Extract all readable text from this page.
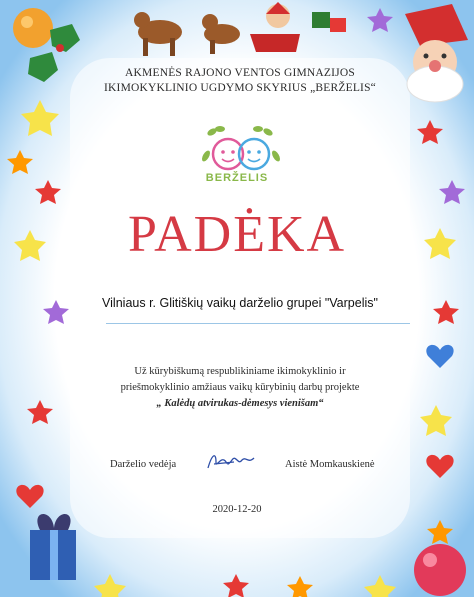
AKMENĖS RAJONO VENTOS GIMNAZIJOS
IKIMOKYKLINIO UGDYMO SKYRIUS „BERŽELIS“
BERŽELIS
PADĖKA
Vilniaus r. Glitiškių vaikų darželio grupei "Varpelis"
Už kūrybiškumą respublikiniame ikimokyklinio ir
priešmokyklinio amžiaus vaikų kūrybinių darbų projekte
„ Kalėdų atvirukas-dėmesys vienišam“
Darželio vedėja	Aistė Momkauskienė
2020-12-20
